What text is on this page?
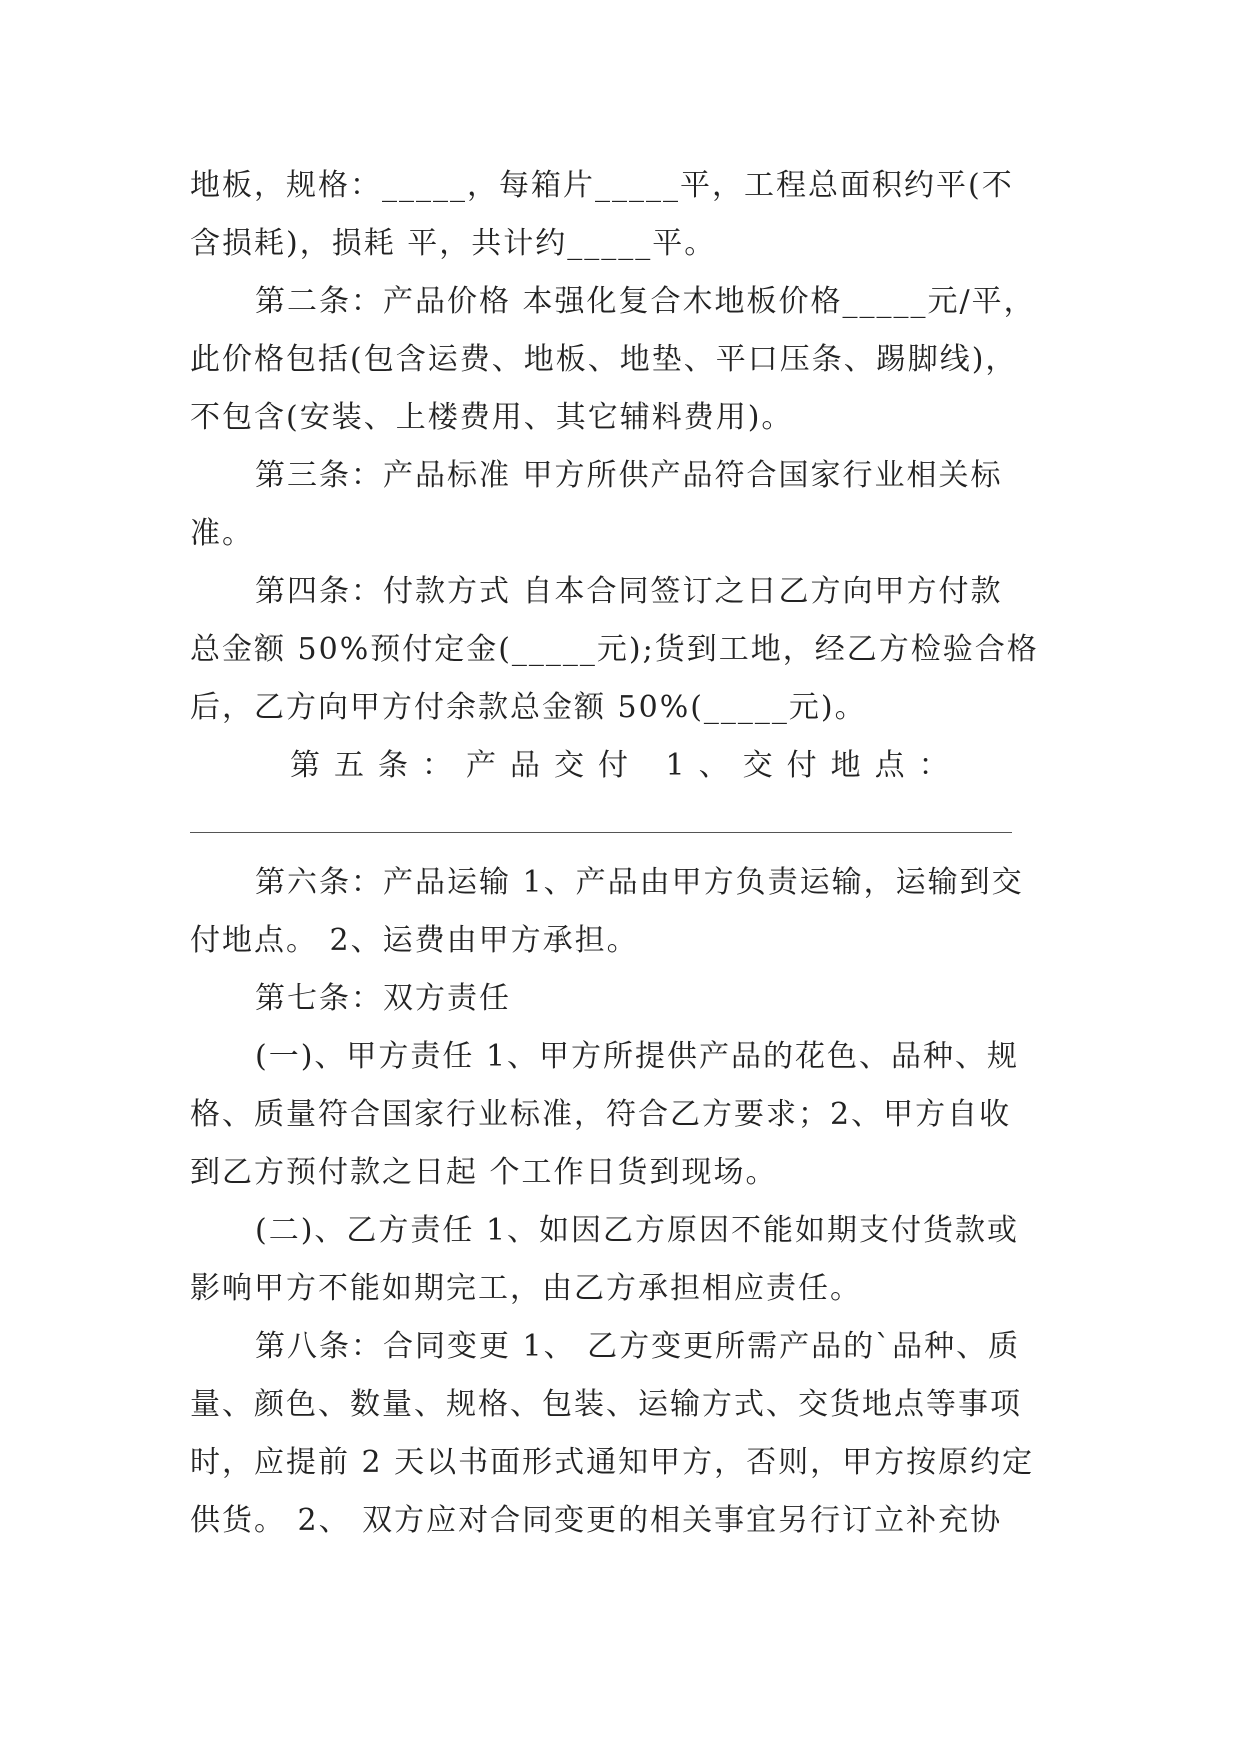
地板，规格：_____，每箱片_____平，工程总面积约平(不

含损耗)，损耗 平，共计约_____平。

第二条：产品价格 本强化复合木地板价格_____元/平，

此价格包括(包含运费、地板、地垫、平口压条、踢脚线)，

不包含(安装、上楼费用、其它辅料费用)。

第三条：产品标准 甲方所供产品符合国家行业相关标

准。

第四条：付款方式 自本合同签订之日乙方向甲方付款

总金额 50%预付定金(_____元);货到工地，经乙方检验合格

后，乙方向甲方付余款总金额 50%(_____元)。

第五条：产品交付 1、交付地点：

第六条：产品运输 1、产品由甲方负责运输，运输到交

付地点。 2、运费由甲方承担。

第七条：双方责任

(一)、甲方责任 1、甲方所提供产品的花色、品种、规

格、质量符合国家行业标准，符合乙方要求；2、甲方自收

到乙方预付款之日起 个工作日货到现场。

(二)、乙方责任 1、如因乙方原因不能如期支付货款或

影响甲方不能如期完工，由乙方承担相应责任。

第八条：合同变更 1、 乙方变更所需产品的`品种、质

量、颜色、数量、规格、包装、运输方式、交货地点等事项

时，应提前 2 天以书面形式通知甲方，否则，甲方按原约定

供货。 2、 双方应对合同变更的相关事宜另行订立补充协
